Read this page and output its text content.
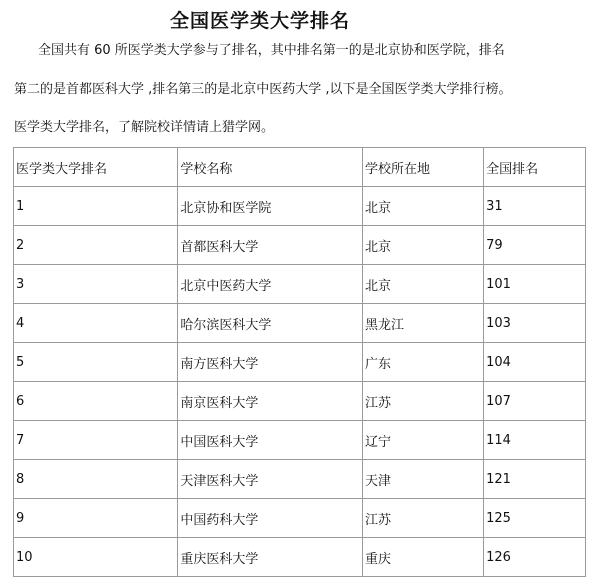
全国医学类大学排名
全国共有 60 所医学类大学参与了排名，其中排名第一的是北京协和医学院，排名
第二的是首都医科大学 ,排名第三的是北京中医药大学 ,以下是全国医学类大学排行榜。
医学类大学排名，了解院校详情请上猎学网。
医学类大学排名	学校名称	学校所在地	全国排名
1	北京协和医学院	北京	31
2	首都医科大学	北京	79
3	北京中医药大学	北京	101
4	哈尔滨医科大学	黑龙江	103
5	南方医科大学	广东	104
6	南京医科大学	江苏	107
7	中国医科大学	辽宁	114
8	天津医科大学	天津	121
9	中国药科大学	江苏	125
10	重庆医科大学	重庆	126
